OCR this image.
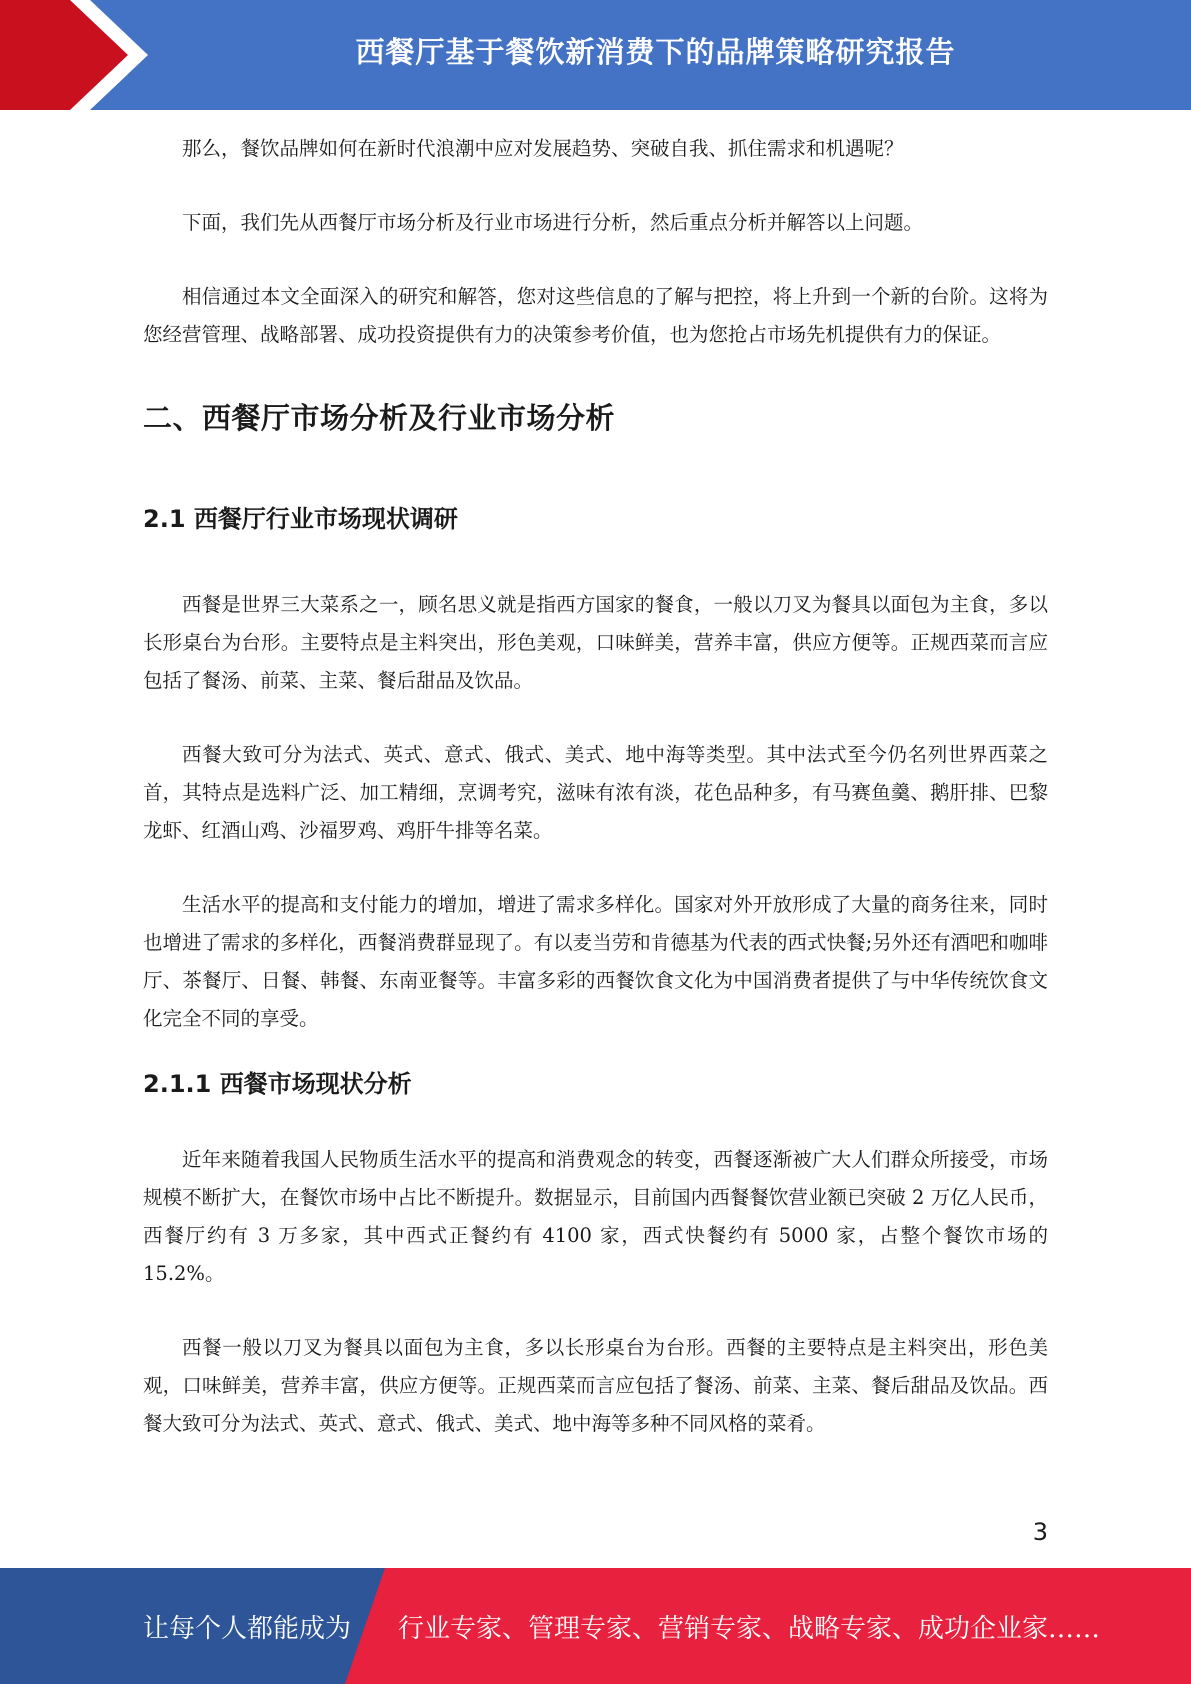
西餐厅基于餐饮新消费下的品牌策略研究报告

那么，餐饮品牌如何在新时代浪潮中应对发展趋势、突破自我、抓住需求和机遇呢？

下面，我们先从西餐厅市场分析及行业市场进行分析，然后重点分析并解答以上问题。

相信通过本文全面深入的研究和解答，您对这些信息的了解与把控，将上升到一个新的台阶。这将为您经营管理、战略部署、成功投资提供有力的决策参考价值，也为您抢占市场先机提供有力的保证。

二、西餐厅市场分析及行业市场分析
2.1 西餐厅行业市场现状调研

西餐是世界三大菜系之一，顾名思义就是指西方国家的餐食，一般以刀叉为餐具以面包为主食，多以长形桌台为台形。主要特点是主料突出，形色美观，口味鲜美，营养丰富，供应方便等。正规西菜而言应包括了餐汤、前菜、主菜、餐后甜品及饮品。

西餐大致可分为法式、英式、意式、俄式、美式、地中海等类型。其中法式至今仍名列世界西菜之首，其特点是选料广泛、加工精细，烹调考究，滋味有浓有淡，花色品种多，有马赛鱼羹、鹅肝排、巴黎龙虾、红酒山鸡、沙福罗鸡、鸡肝牛排等名菜。

生活水平的提高和支付能力的增加，增进了需求多样化。国家对外开放形成了大量的商务往来，同时也增进了需求的多样化，西餐消费群显现了。有以麦当劳和肯德基为代表的西式快餐;另外还有酒吧和咖啡厅、茶餐厅、日餐、韩餐、东南亚餐等。丰富多彩的西餐饮食文化为中国消费者提供了与中华传统饮食文化完全不同的享受。

2.1.1 西餐市场现状分析

近年来随着我国人民物质生活水平的提高和消费观念的转变，西餐逐渐被广大人们群众所接受，市场规模不断扩大，在餐饮市场中占比不断提升。数据显示，目前国内西餐餐饮营业额已突破 2 万亿人民币，西餐厅约有 3 万多家，其中西式正餐约有 4100 家，西式快餐约有 5000 家，占整个餐饮市场的 15.2%。

西餐一般以刀叉为餐具以面包为主食，多以长形桌台为台形。西餐的主要特点是主料突出，形色美观，口味鲜美，营养丰富，供应方便等。正规西菜而言应包括了餐汤、前菜、主菜、餐后甜品及饮品。西餐大致可分为法式、英式、意式、俄式、美式、地中海等多种不同风格的菜肴。

3
让每个人都能成为 行业专家、管理专家、营销专家、战略专家、成功企业家……
